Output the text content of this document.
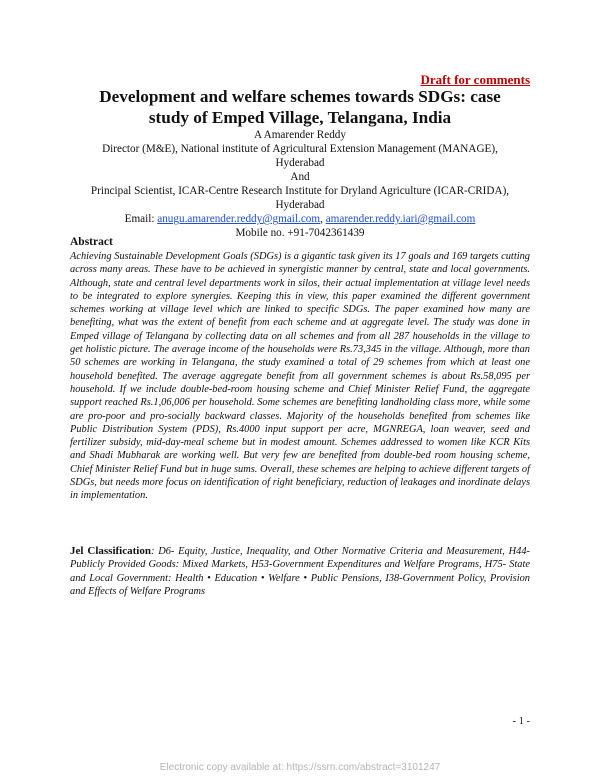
Draft for comments
Development and welfare schemes towards SDGs: case
study of Emped Village, Telangana, India
A Amarender Reddy
Director (M&E), National institute of Agricultural Extension Management (MANAGE),
Hyderabad
And
Principal Scientist, ICAR-Centre Research Institute for Dryland Agriculture (ICAR-CRIDA),
Hyderabad
Email: anugu.amarender.reddy@gmail.com, amarender.reddy.iari@gmail.com
Mobile no. +91-7042361439
Abstract
Achieving Sustainable Development Goals (SDGs) is a gigantic task given its 17 goals and 169 targets cutting across many areas. These have to be achieved in synergistic manner by central, state and local governments. Although, state and central level departments work in silos, their actual implementation at village level needs to be integrated to explore synergies. Keeping this in view, this paper examined the different government schemes working at village level which are linked to specific SDGs. The paper examined how many are benefiting, what was the extent of benefit from each scheme and at aggregate level. The study was done in Emped village of Telangana by collecting data on all schemes and from all 287 households in the village to get holistic picture. The average income of the households were Rs.73,345 in the village. Although, more than 50 schemes are working in Telangana, the study examined a total of 29 schemes from which at least one household benefited. The average aggregate benefit from all government schemes is about Rs.58,095 per household. If we include double-bed-room housing scheme and Chief Minister Relief Fund, the aggregate support reached Rs.1,06,006 per household. Some schemes are benefiting landholding class more, while some are pro-poor and pro-socially backward classes. Majority of the households benefited from schemes like Public Distribution System (PDS), Rs.4000 input support per acre, MGNREGA, loan weaver, seed and fertilizer subsidy, mid-day-meal scheme but in modest amount. Schemes addressed to women like KCR Kits and Shadi Mubharak are working well. But very few are benefited from double-bed room housing scheme, Chief Minister Relief Fund but in huge sums. Overall, these schemes are helping to achieve different targets of SDGs, but needs more focus on identification of right beneficiary, reduction of leakages and inordinate delays in implementation.
Jel Classification: D6- Equity, Justice, Inequality, and Other Normative Criteria and Measurement, H44-Publicly Provided Goods: Mixed Markets, H53-Government Expenditures and Welfare Programs, H75- State and Local Government: Health • Education • Welfare • Public Pensions, I38-Government Policy, Provision and Effects of Welfare Programs
- 1 -
Electronic copy available at: https://ssrn.com/abstract=3101247
